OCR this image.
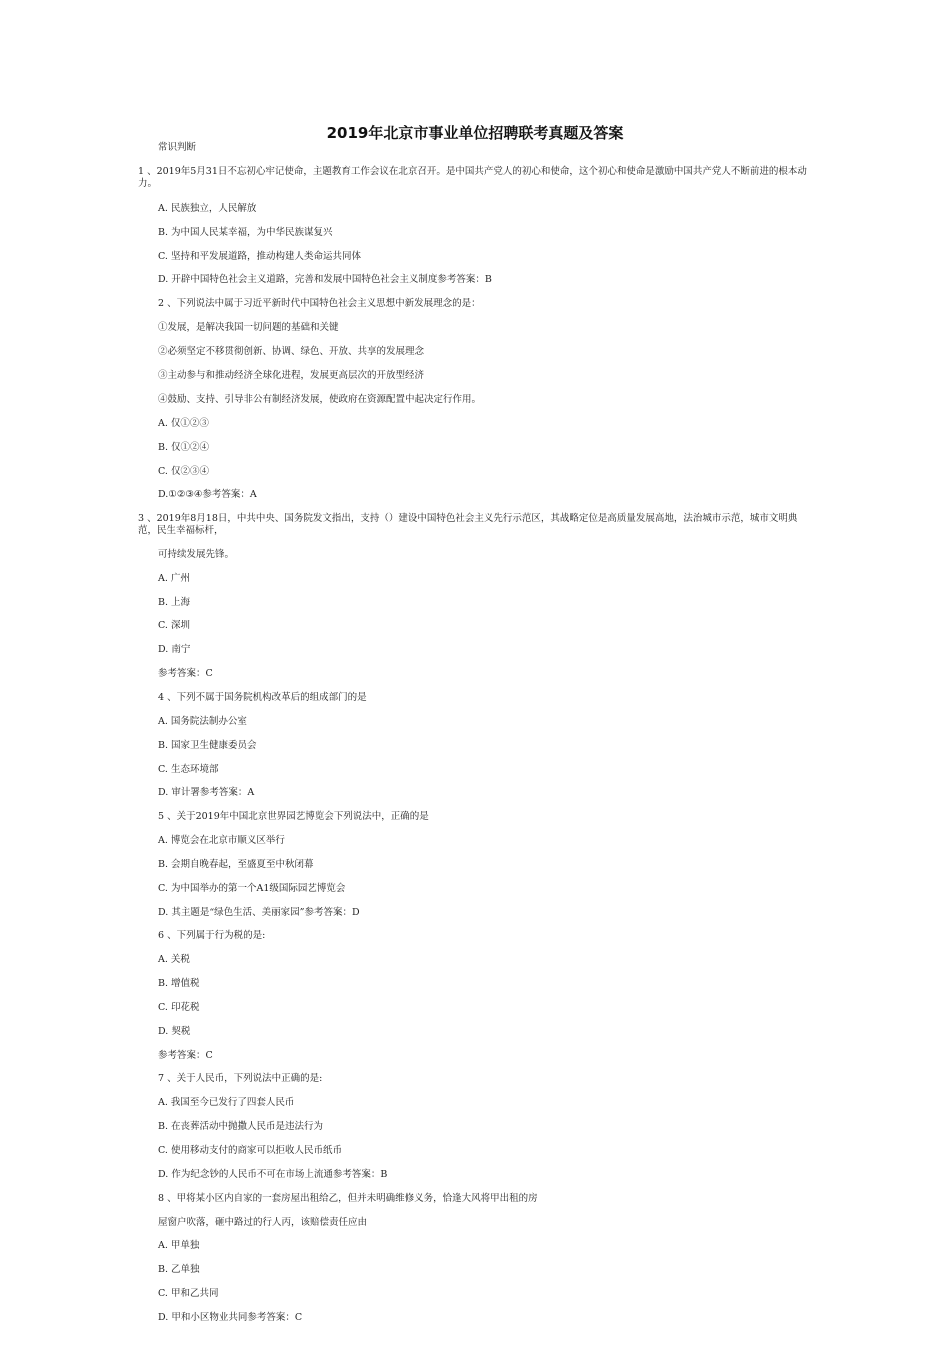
2019年北京市事业单位招聘联考真题及答案
常识判断
1 、2019年5月31日不忘初心牢记使命，主题教育工作会议在北京召开。是中国共产党人的初心和使命，这个初心和使命是激励中国共产党人不断前进的根本动力。
A. 民族独立，人民解放
B. 为中国人民某幸福，为中华民族谋复兴
C. 坚持和平发展道路，推动构建人类命运共同体
D. 开辟中国特色社会主义道路，完善和发展中国特色社会主义制度参考答案：B
2 、下列说法中属于习近平新时代中国特色社会主义思想中新发展理念的是：
①发展，是解决我国一切问题的基础和关键
②必须坚定不移贯彻创新、协调、绿色、开放、共享的发展理念
③主动参与和推动经济全球化进程，发展更高层次的开放型经济
④鼓励、支持、引导非公有制经济发展，使政府在资源配置中起决定行作用。
A. 仅①②③
B. 仅①②④
C. 仅②③④
D.①②③④参考答案：A
3 、2019年8月18日，中共中央、国务院发文指出，支持（）建设中国特色社会主义先行示范区，其战略定位是高质量发展高地，法治城市示范，城市文明典范，民生幸福标杆，
可持续发展先锋。
A. 广州
B. 上海
C. 深圳
D. 南宁
参考答案：C
4 、下列不属于国务院机构改革后的组成部门的是
A. 国务院法制办公室
B. 国家卫生健康委员会
C. 生态环境部
D. 审计署参考答案：A
5 、关于2019年中国北京世界园艺博览会下列说法中，正确的是
A. 博览会在北京市顺义区举行
B. 会期自晚春起，至盛夏至中秋闭幕
C. 为中国举办的第一个A1级国际园艺博览会
D. 其主题是“绿色生活、美丽家园”参考答案：D
6 、下列属于行为税的是:
A. 关税
B. 增值税
C. 印花税
D. 契税
参考答案：C
7 、关于人民币，下列说法中正确的是:
A. 我国至今已发行了四套人民币
B. 在丧葬活动中抛撒人民币是违法行为
C. 使用移动支付的商家可以拒收人民币纸币
D. 作为纪念钞的人民币不可在市场上流通参考答案：B
8 、甲将某小区内自家的一套房屋出租给乙，但并未明确维修义务，恰逢大风将甲出租的房
屋窗户吹落，砸中路过的行人丙，该赔偿责任应由
A. 甲单独
B. 乙单独
C. 甲和乙共同
D. 甲和小区物业共同参考答案：C
